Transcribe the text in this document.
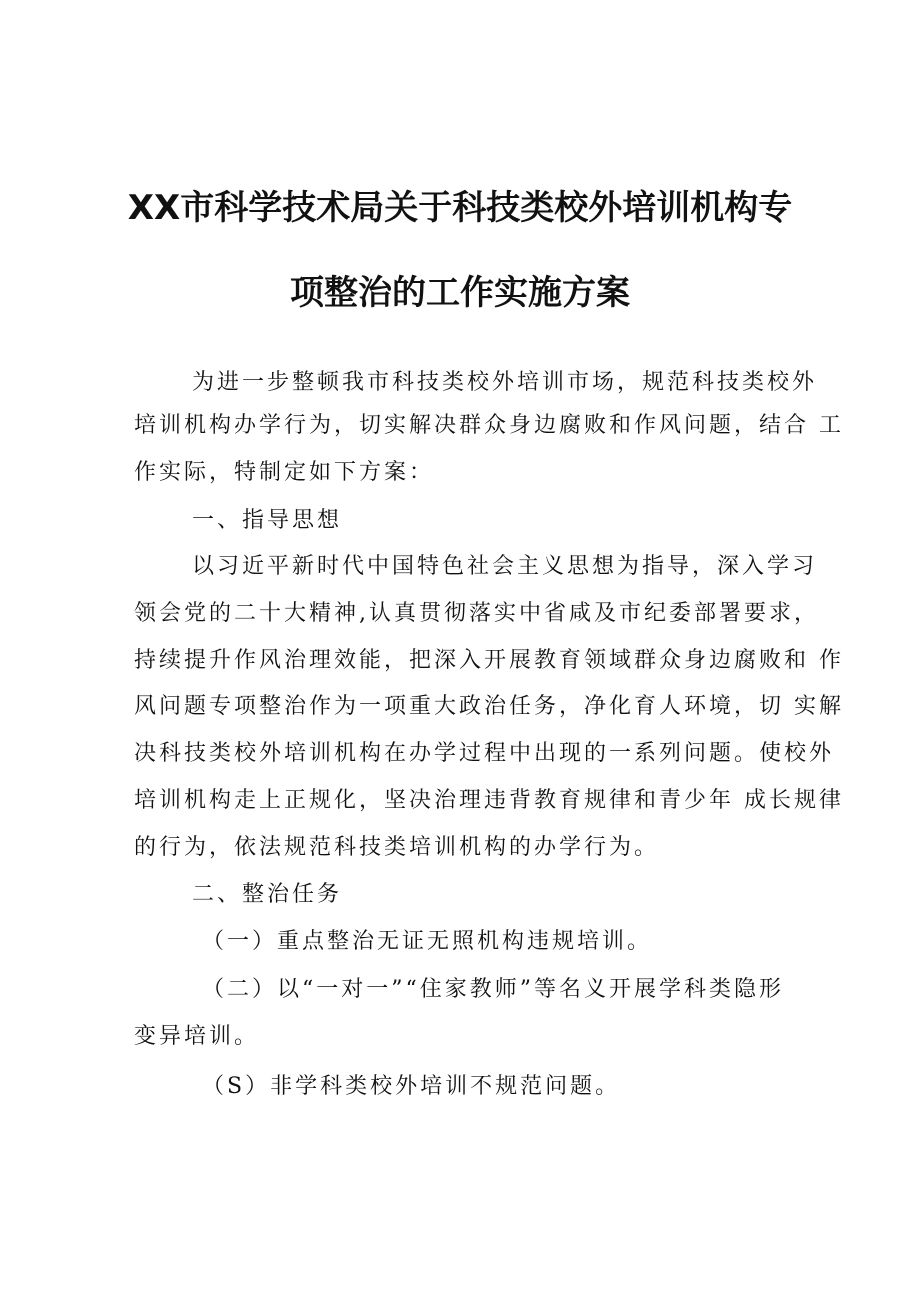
XX市科学技术局关于科技类校外培训机构专
项整治的工作实施方案
为进一步整顿我市科技类校外培训市场，规范科技类校外
培训机构办学行为，切实解决群众身边腐败和作风问题，结合 工
作实际，特制定如下方案：
一、指导思想
以习近平新时代中国特色社会主义思想为指导，深入学习
领会党的二十大精神,认真贯彻落实中省咸及市纪委部署要求，
持续提升作风治理效能，把深入开展教育领域群众身边腐败和 作
风问题专项整治作为一项重大政治任务，净化育人环境，切 实解
决科技类校外培训机构在办学过程中出现的一系列问题。使校外
培训机构走上正规化，坚决治理违背教育规律和青少年 成长规律
的行为，依法规范科技类培训机构的办学行为。
二、整治任务
（一）重点整治无证无照机构违规培训。
（二）以“一对一”“住家教师”等名义开展学科类隐形
变异培训。
（S）非学科类校外培训不规范问题。
